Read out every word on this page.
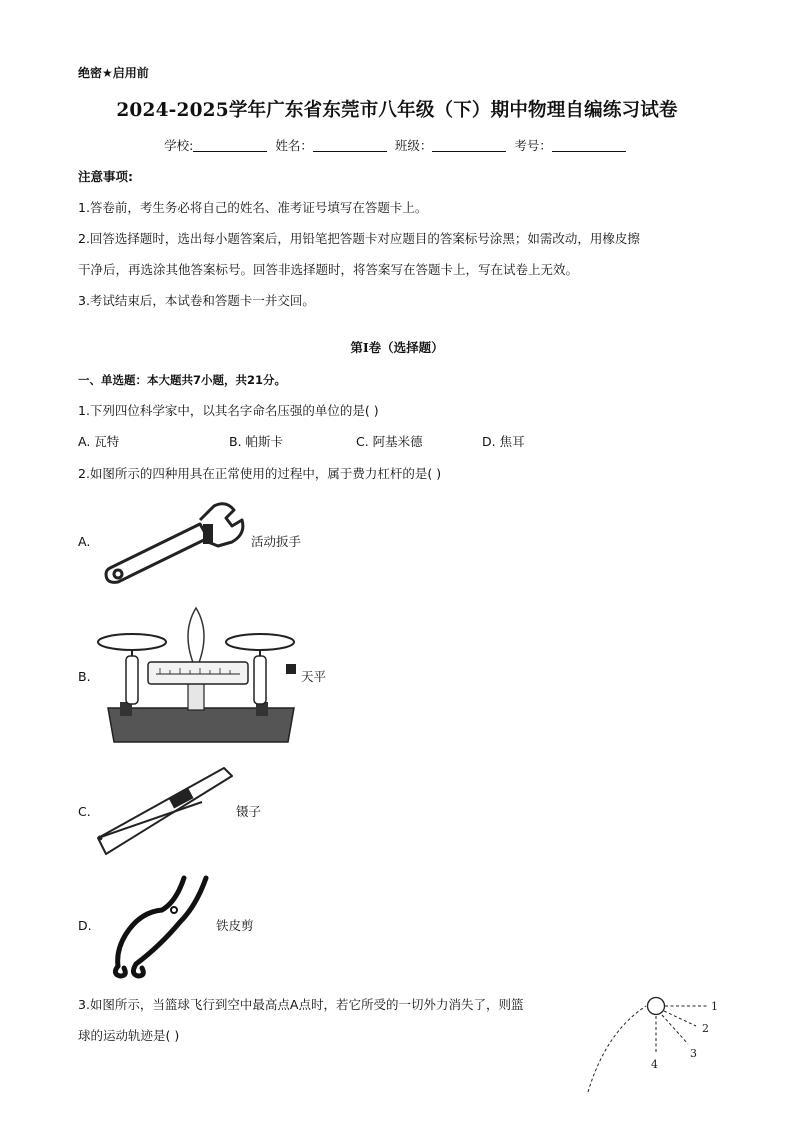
绝密★启用前
2024-2025学年广东省东莞市八年级（下）期中物理自编练习试卷
学校:	姓名：	班级：	考号：
注意事项:
1.答卷前，考生务必将自己的姓名、准考证号填写在答题卡上。
2.回答选择题时，选出每小题答案后，用铅笔把答题卡对应题目的答案标号涂黑；如需改动，用橡皮擦
干净后，再选涂其他答案标号。回答非选择题时，将答案写在答题卡上，写在试卷上无效。
3.考试结束后，本试卷和答题卡一并交回。
第I卷（选择题）
一、单选题：本大题共7小题，共21分。
1.下列四位科学家中，以其名字命名压强的单位的是( )
A. 瓦特	B. 帕斯卡	C. 阿基米德	D. 焦耳
2.如图所示的四种用具在正常使用的过程中，属于费力杠杆的是( )
A.	活动扳手
B.	天平
C.	镊子
D.	铁皮剪
3.如图所示，当篮球飞行到空中最高点A点时，若它所受的一切外力消失了，则篮
球的运动轨迹是( )
1
2
3
4
